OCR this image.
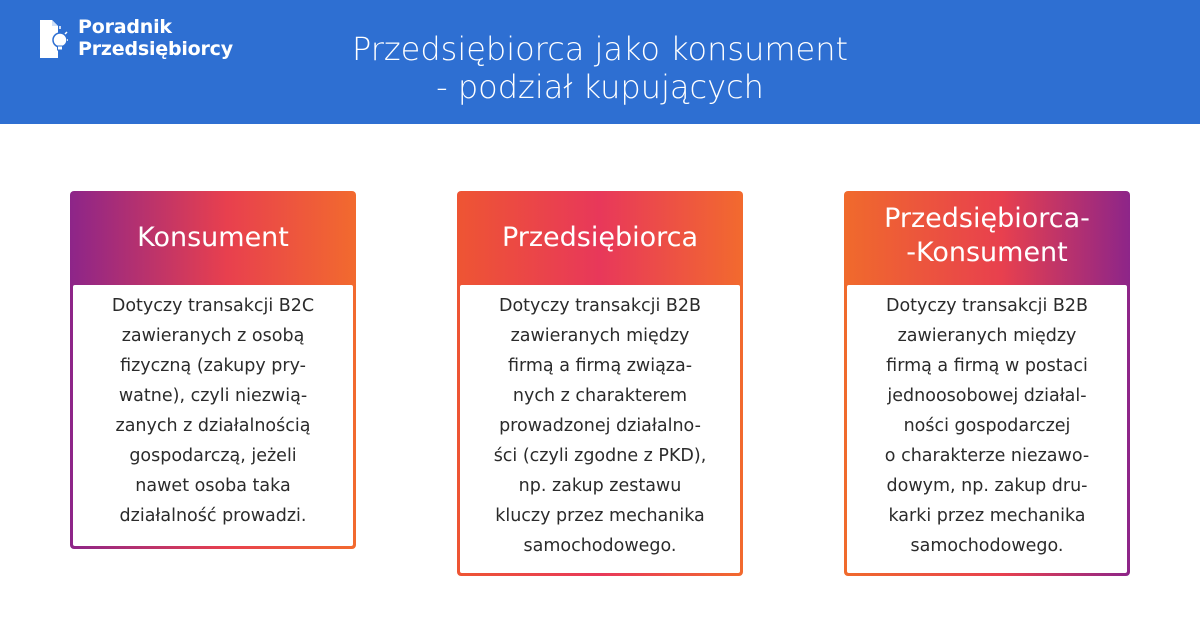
Poradnik
Przedsiębiorcy	Przedsiębiorca jako konsument
- podział kupujących
Konsument
Dotyczy transakcji B2C
zawieranych z osobą
fizyczną (zakupy pry-
watne), czyli niezwią-
zanych z działalnością
gospodarczą, jeżeli
nawet osoba taka
działalność prowadzi.
Przedsiębiorca
Dotyczy transakcji B2B
zawieranych między
firmą a firmą związa-
nych z charakterem
prowadzonej działalno-
ści (czyli zgodne z PKD),
np. zakup zestawu
kluczy przez mechanika
samochodowego.
Przedsiębiorca-
-Konsument
Dotyczy transakcji B2B
zawieranych między
firmą a firmą w postaci
jednoosobowej działal-
ności gospodarczej
o charakterze niezawo-
dowym, np. zakup dru-
karki przez mechanika
samochodowego.
